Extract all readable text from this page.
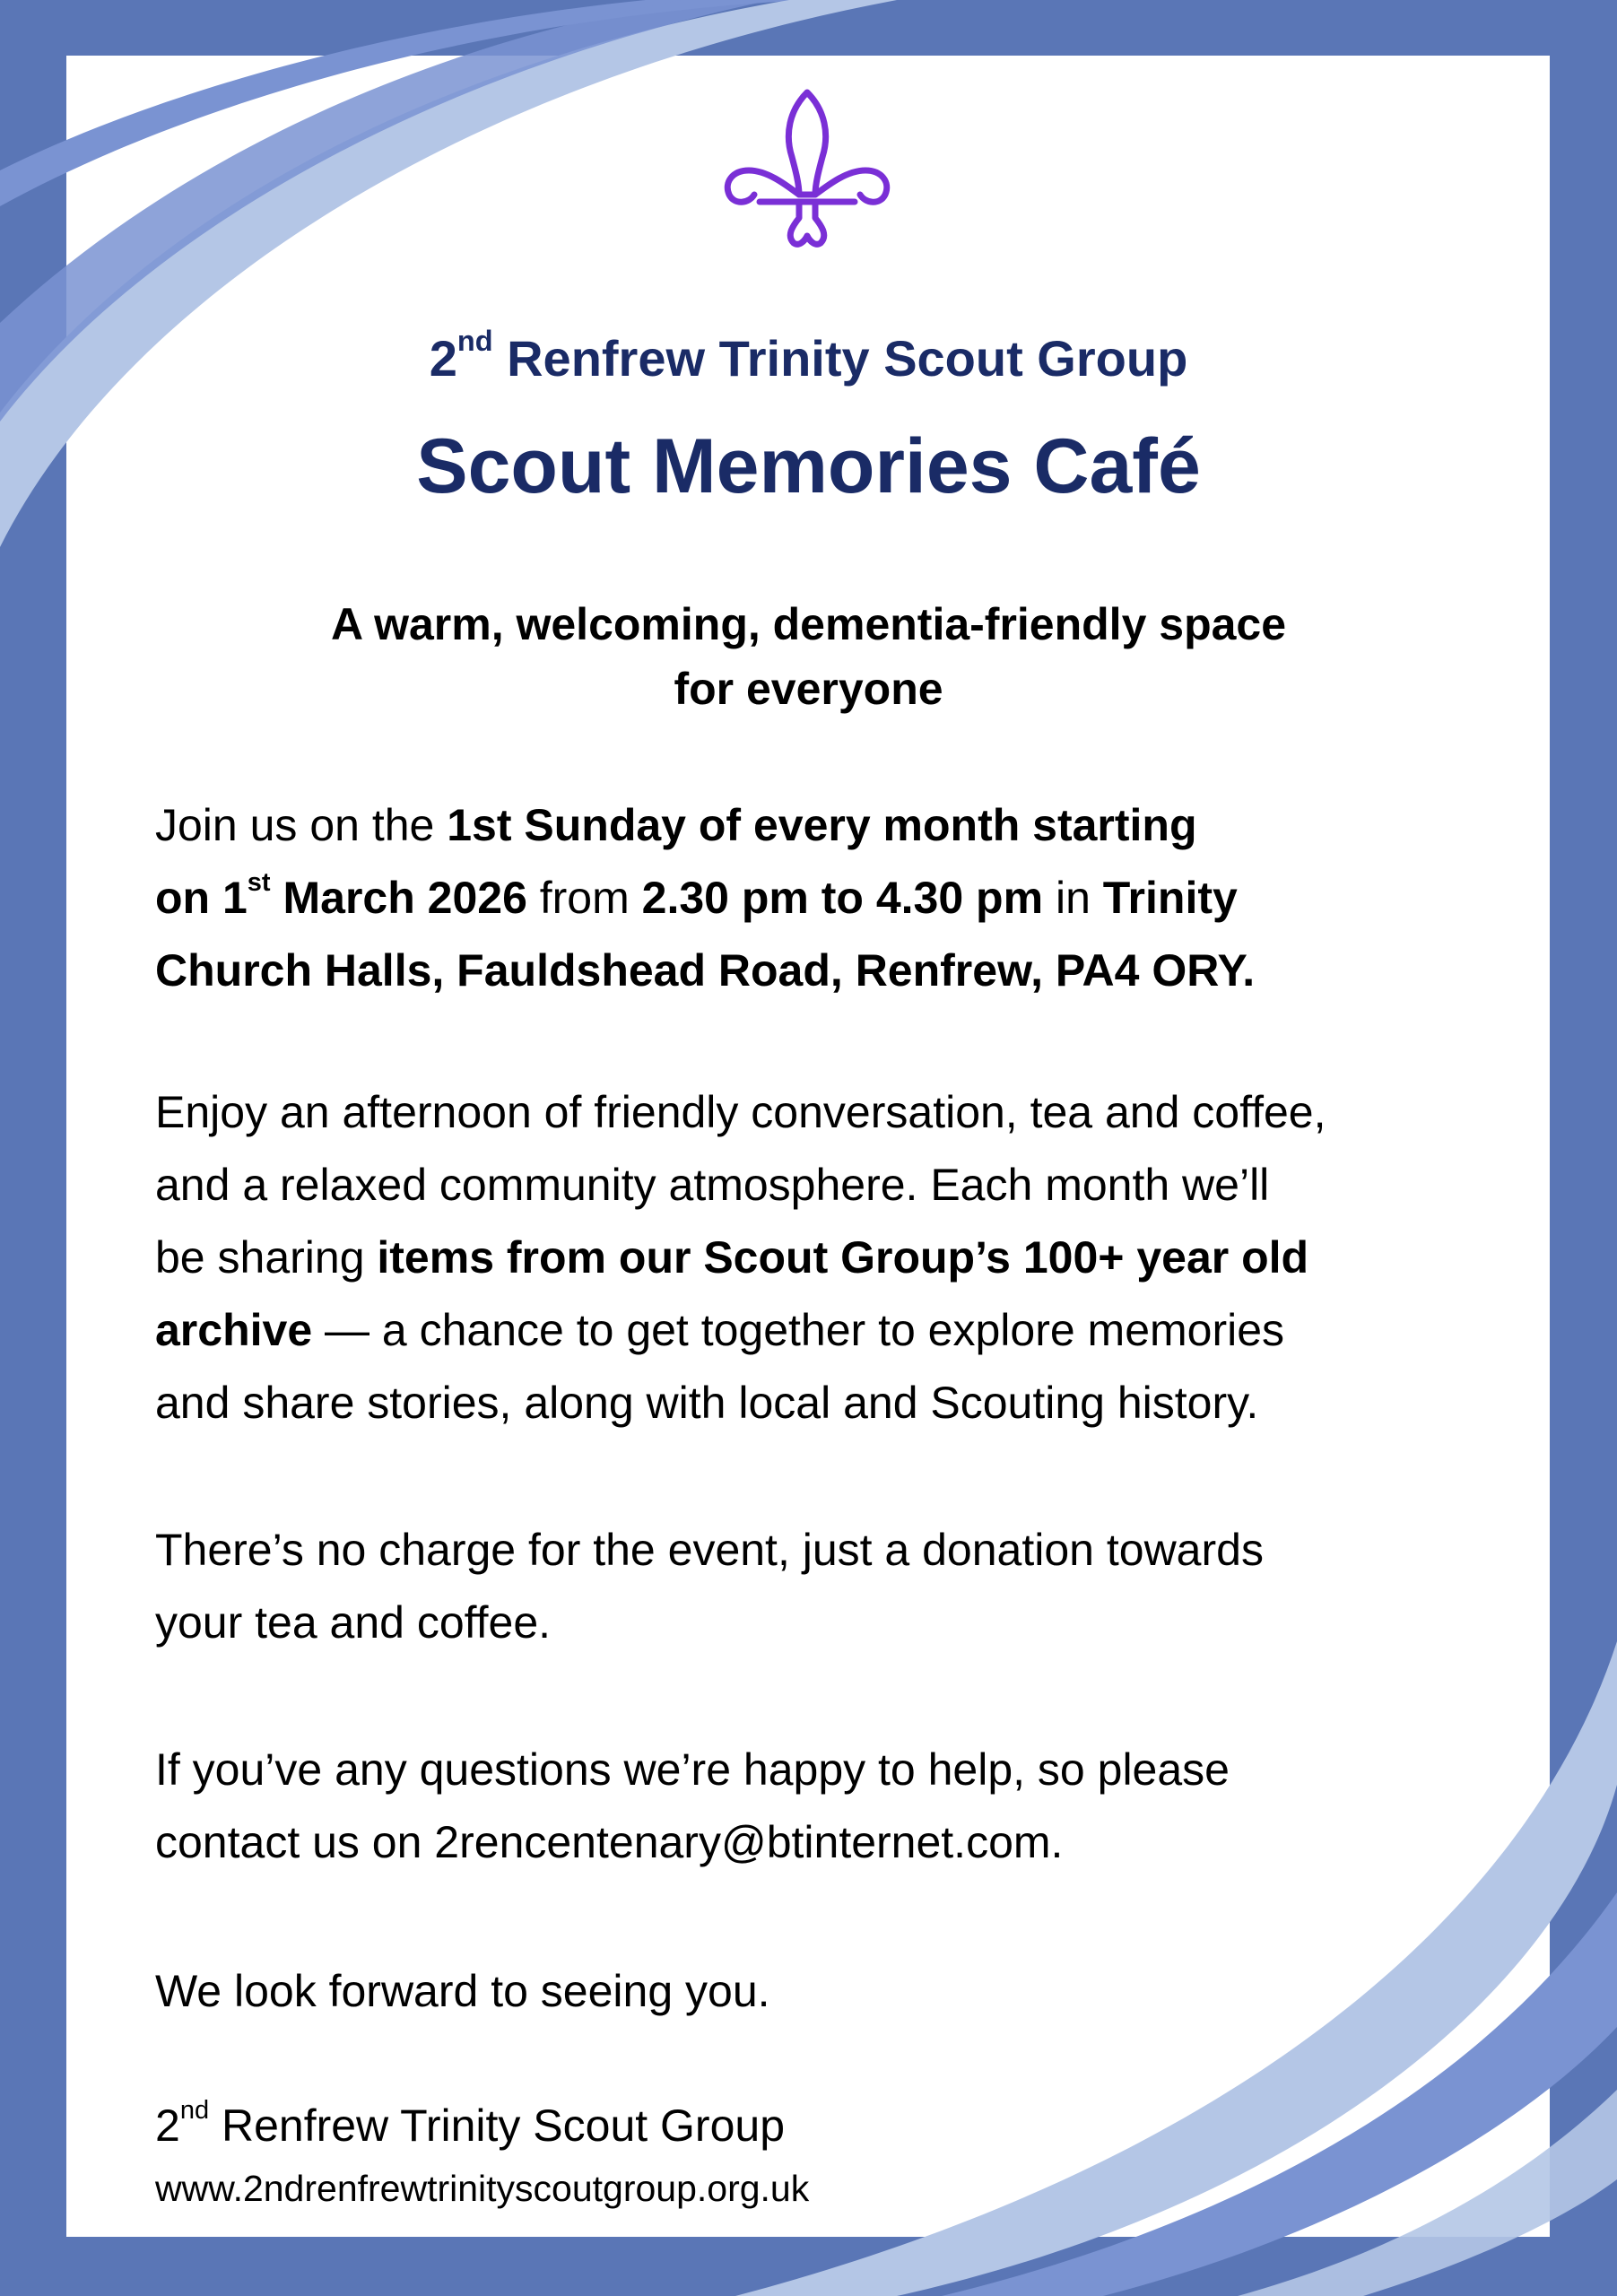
2nd Renfrew Trinity Scout Group
Scout Memories Café
A warm, welcoming, dementia-friendly space
for everyone
Join us on the 1st Sunday of every month starting
on 1st March 2026 from 2.30 pm to 4.30 pm in Trinity
Church Halls, Fauldshead Road, Renfrew, PA4 ORY.
Enjoy an afternoon of friendly conversation, tea and coffee,
and a relaxed community atmosphere. Each month we’ll
be sharing items from our Scout Group’s 100+ year old
archive — a chance to get together to explore memories
and share stories, along with local and Scouting history.
There’s no charge for the event, just a donation towards
your tea and coffee.
If you’ve any questions we’re happy to help, so please
contact us on 2rencentenary@btinternet.com.
We look forward to seeing you.
2nd Renfrew Trinity Scout Group
www.2ndrenfrewtrinityscoutgroup.org.uk
